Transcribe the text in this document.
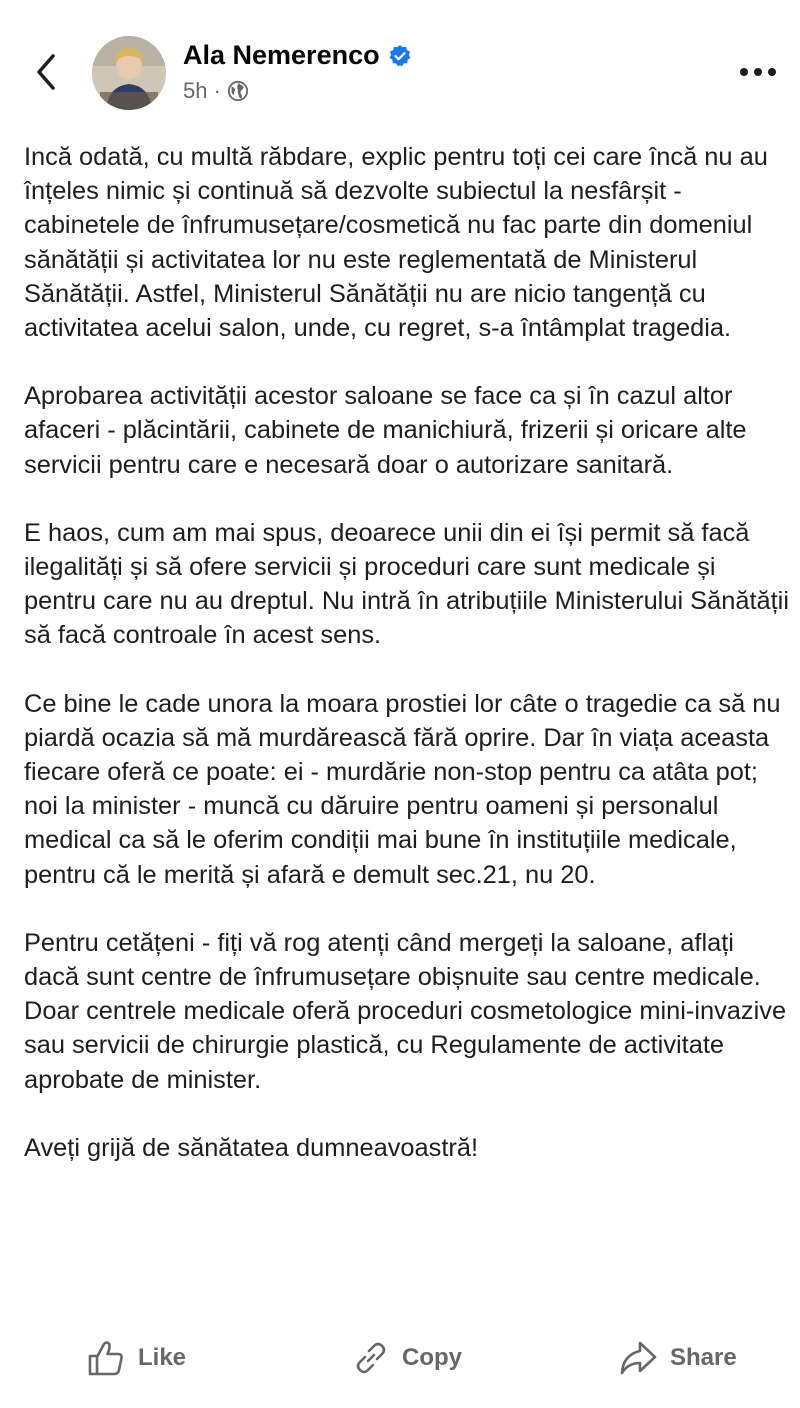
Ala Nemerenco
5h ·

Incă odată, cu multă răbdare, explic pentru toți cei care încă nu au înțeles nimic și continuă să dezvolte subiectul la nesfârșit - cabinetele de înfrumusețare/cosmetică nu fac parte din domeniul sănătății și activitatea lor nu este reglementată de Ministerul Sănătății. Astfel, Ministerul Sănătății nu are nicio tangență cu activitatea acelui salon, unde, cu regret, s-a întâmplat tragedia.

Aprobarea activității acestor saloane se face ca și în cazul altor afaceri - plăcintării, cabinete de manichiură, frizerii și oricare alte servicii pentru care e necesară doar o autorizare sanitară.

E haos, cum am mai spus, deoarece unii din ei își permit să facă ilegalități și să ofere servicii și proceduri care sunt medicale și pentru care nu au dreptul. Nu intră în atribuțiile Ministerului Sănătății să facă controale în acest sens.

Ce bine le cade unora la moara prostiei lor câte o tragedie ca să nu piardă ocazia să mă murdărească fără oprire. Dar în viața aceasta fiecare oferă ce poate: ei - murdărie non-stop pentru ca atâta pot; noi la minister - muncă cu dăruire pentru oameni și personalul medical ca să le oferim condiții mai bune în instituțiile medicale, pentru că le merită și afară e demult sec.21, nu 20.

Pentru cetățeni - fiți vă rog atenți când mergeți la saloane, aflați dacă sunt centre de înfrumusețare obișnuite sau centre medicale. Doar centrele medicale oferă proceduri cosmetologice mini-invazive sau servicii de chirurgie plastică, cu Regulamente de activitate aprobate de minister.

Aveți grijă de sănătatea dumneavoastră!

Like	Copy	Share
